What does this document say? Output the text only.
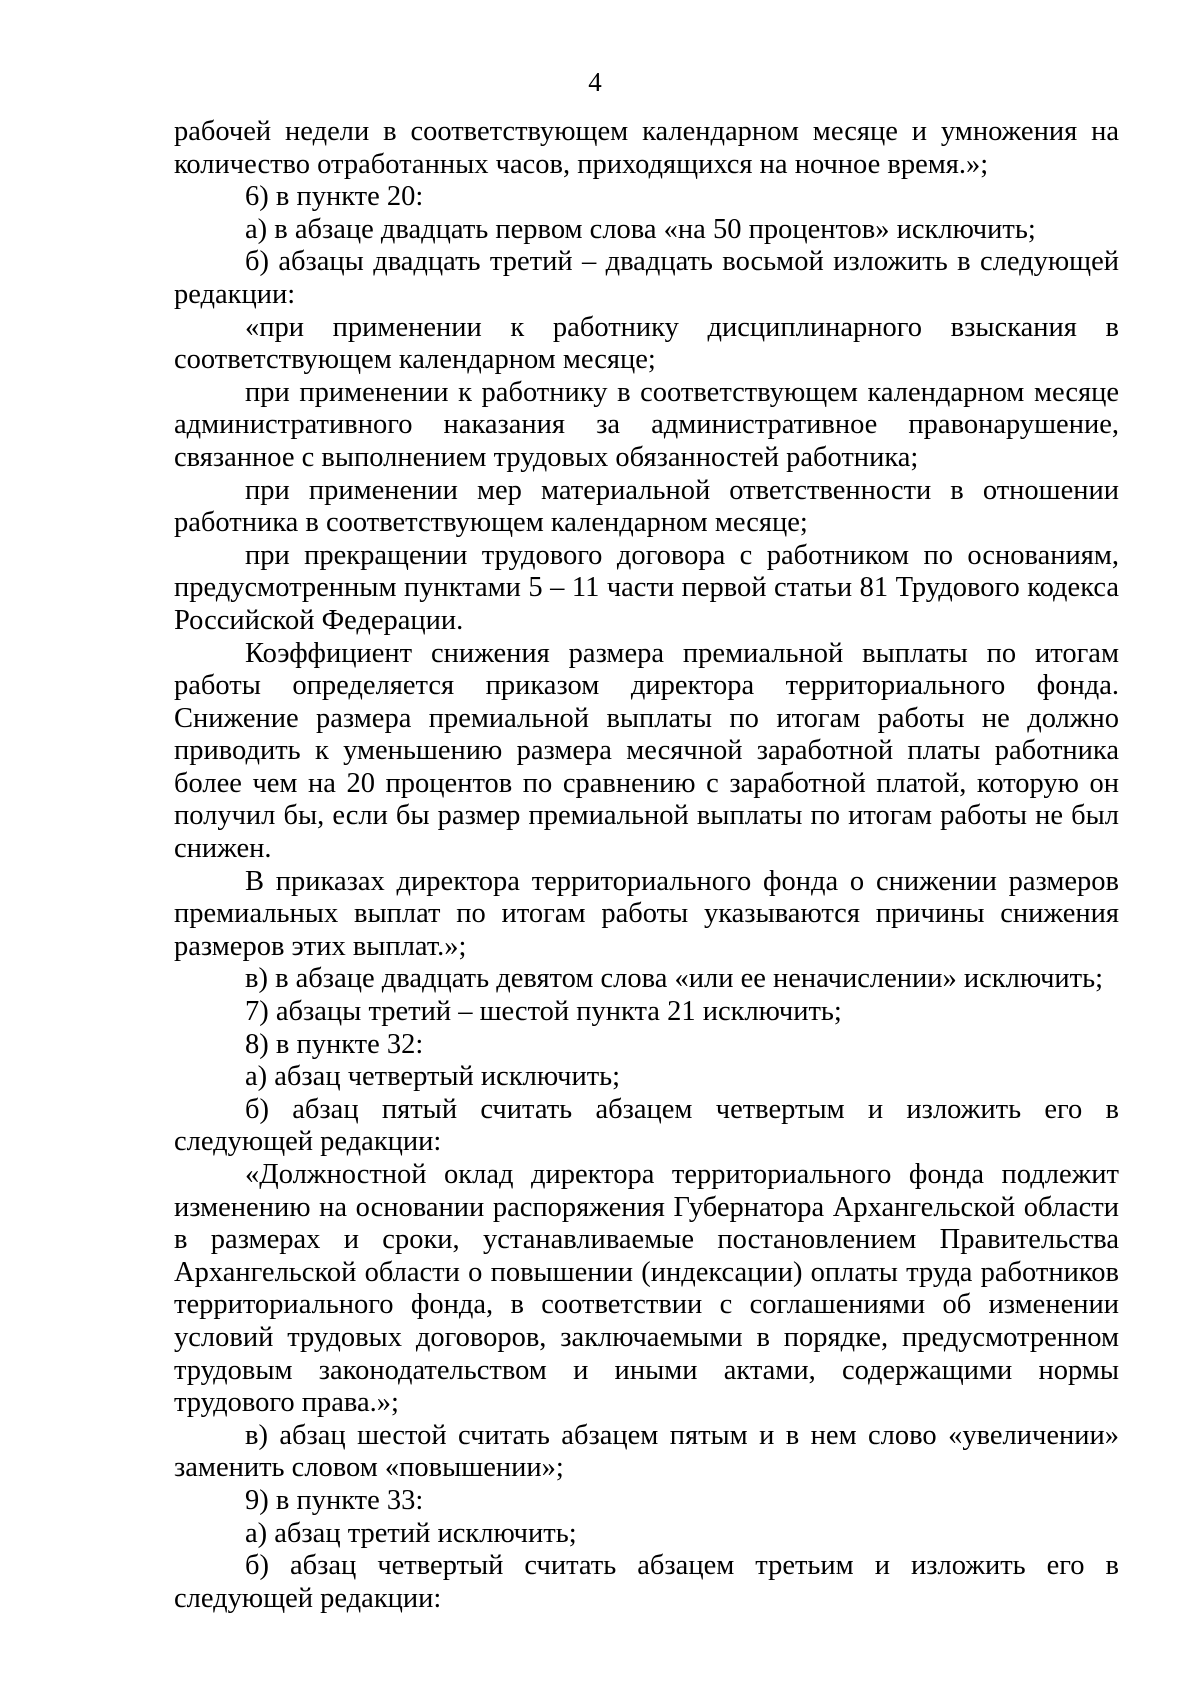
4

рабочей недели в соответствующем календарном месяце и умножения на количество отработанных часов, приходящихся на ночное время.»;

6) в пункте 20:

а) в абзаце двадцать первом слова «на 50 процентов» исключить;

б) абзацы двадцать третий – двадцать восьмой изложить в следующей редакции:

«при применении к работнику дисциплинарного взыскания в соответствующем календарном месяце;

при применении к работнику в соответствующем календарном месяце административного наказания за административное правонарушение, связанное с выполнением трудовых обязанностей работника;

при применении мер материальной ответственности в отношении работника в соответствующем календарном месяце;

при прекращении трудового договора с работником по основаниям, предусмотренным пунктами 5 – 11 части первой статьи 81 Трудового кодекса Российской Федерации.

Коэффициент снижения размера премиальной выплаты по итогам работы определяется приказом директора территориального фонда. Снижение размера премиальной выплаты по итогам работы не должно приводить к уменьшению размера месячной заработной платы работника более чем на 20 процентов по сравнению с заработной платой, которую он получил бы, если бы размер премиальной выплаты по итогам работы не был снижен.

В приказах директора территориального фонда о снижении размеров премиальных выплат по итогам работы указываются причины снижения размеров этих выплат.»;

в) в абзаце двадцать девятом слова «или ее неначислении» исключить;

7) абзацы третий – шестой пункта 21 исключить;

8) в пункте 32:

а) абзац четвертый исключить;

б) абзац пятый считать абзацем четвертым и изложить его в следующей редакции:

«Должностной оклад директора территориального фонда подлежит изменению на основании распоряжения Губернатора Архангельской области в размерах и сроки, устанавливаемые постановлением Правительства Архангельской области о повышении (индексации) оплаты труда работников территориального фонда, в соответствии с соглашениями об изменении условий трудовых договоров, заключаемыми в порядке, предусмотренном трудовым законодательством и иными актами, содержащими нормы трудового права.»;

в) абзац шестой считать абзацем пятым и в нем слово «увеличении» заменить словом «повышении»;

9) в пункте 33:

а) абзац третий исключить;

б) абзац четвертый считать абзацем третьим и изложить его в следующей редакции:
